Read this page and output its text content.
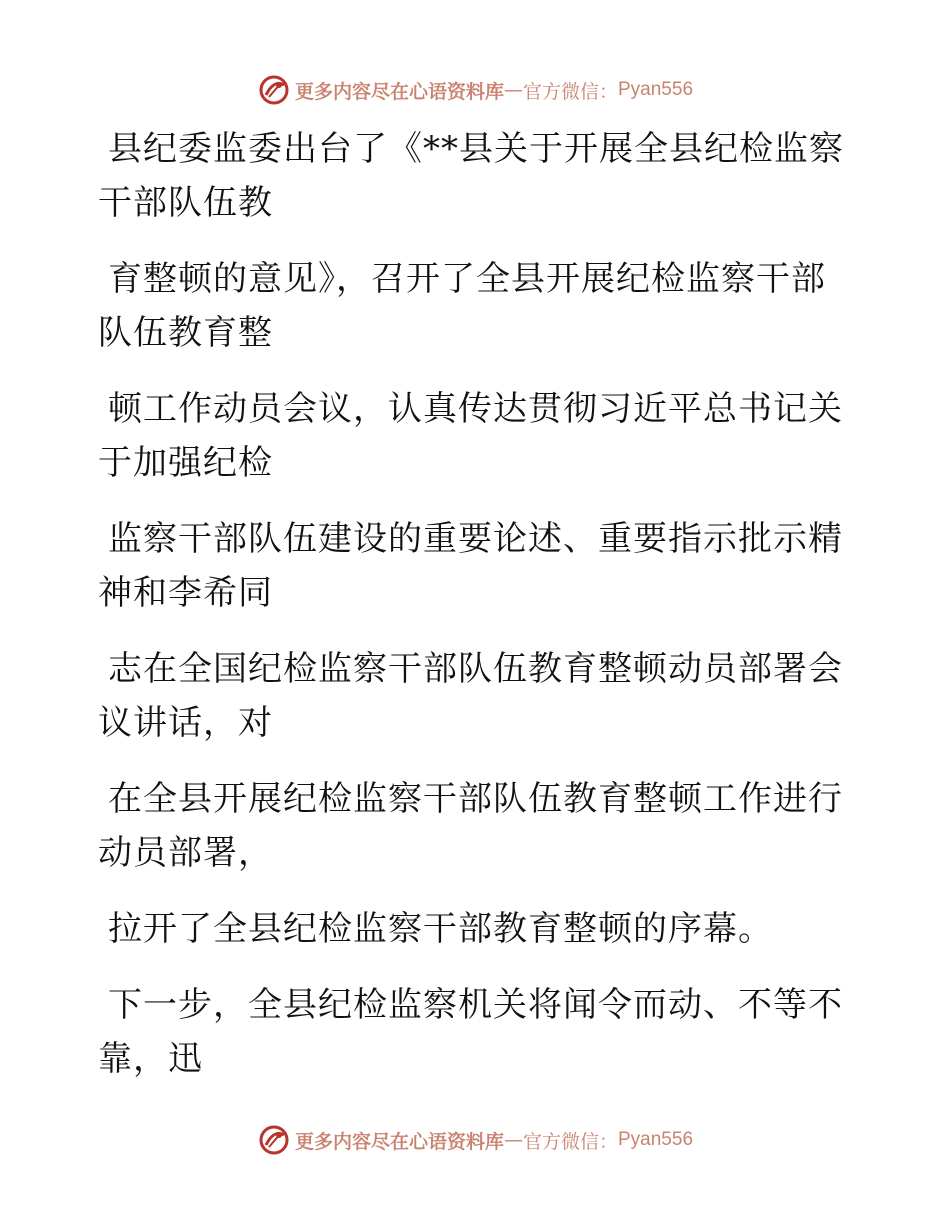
更多内容尽在心语资料库 — 官方微信： Pyan556

县纪委监委出台了《**县关于开展全县纪检监察
干部队伍教

育整顿的意见》，召开了全县开展纪检监察干部
队伍教育整

顿工作动员会议，认真传达贯彻习近平总书记关
于加强纪检

监察干部队伍建设的重要论述、重要指示批示精
神和李希同

志在全国纪检监察干部队伍教育整顿动员部署会
议讲话，对

在全县开展纪检监察干部队伍教育整顿工作进行
动员部署，

拉开了全县纪检监察干部教育整顿的序幕。

下一步，全县纪检监察机关将闻令而动、不等不
靠，迅

更多内容尽在心语资料库 — 官方微信： Pyan556
